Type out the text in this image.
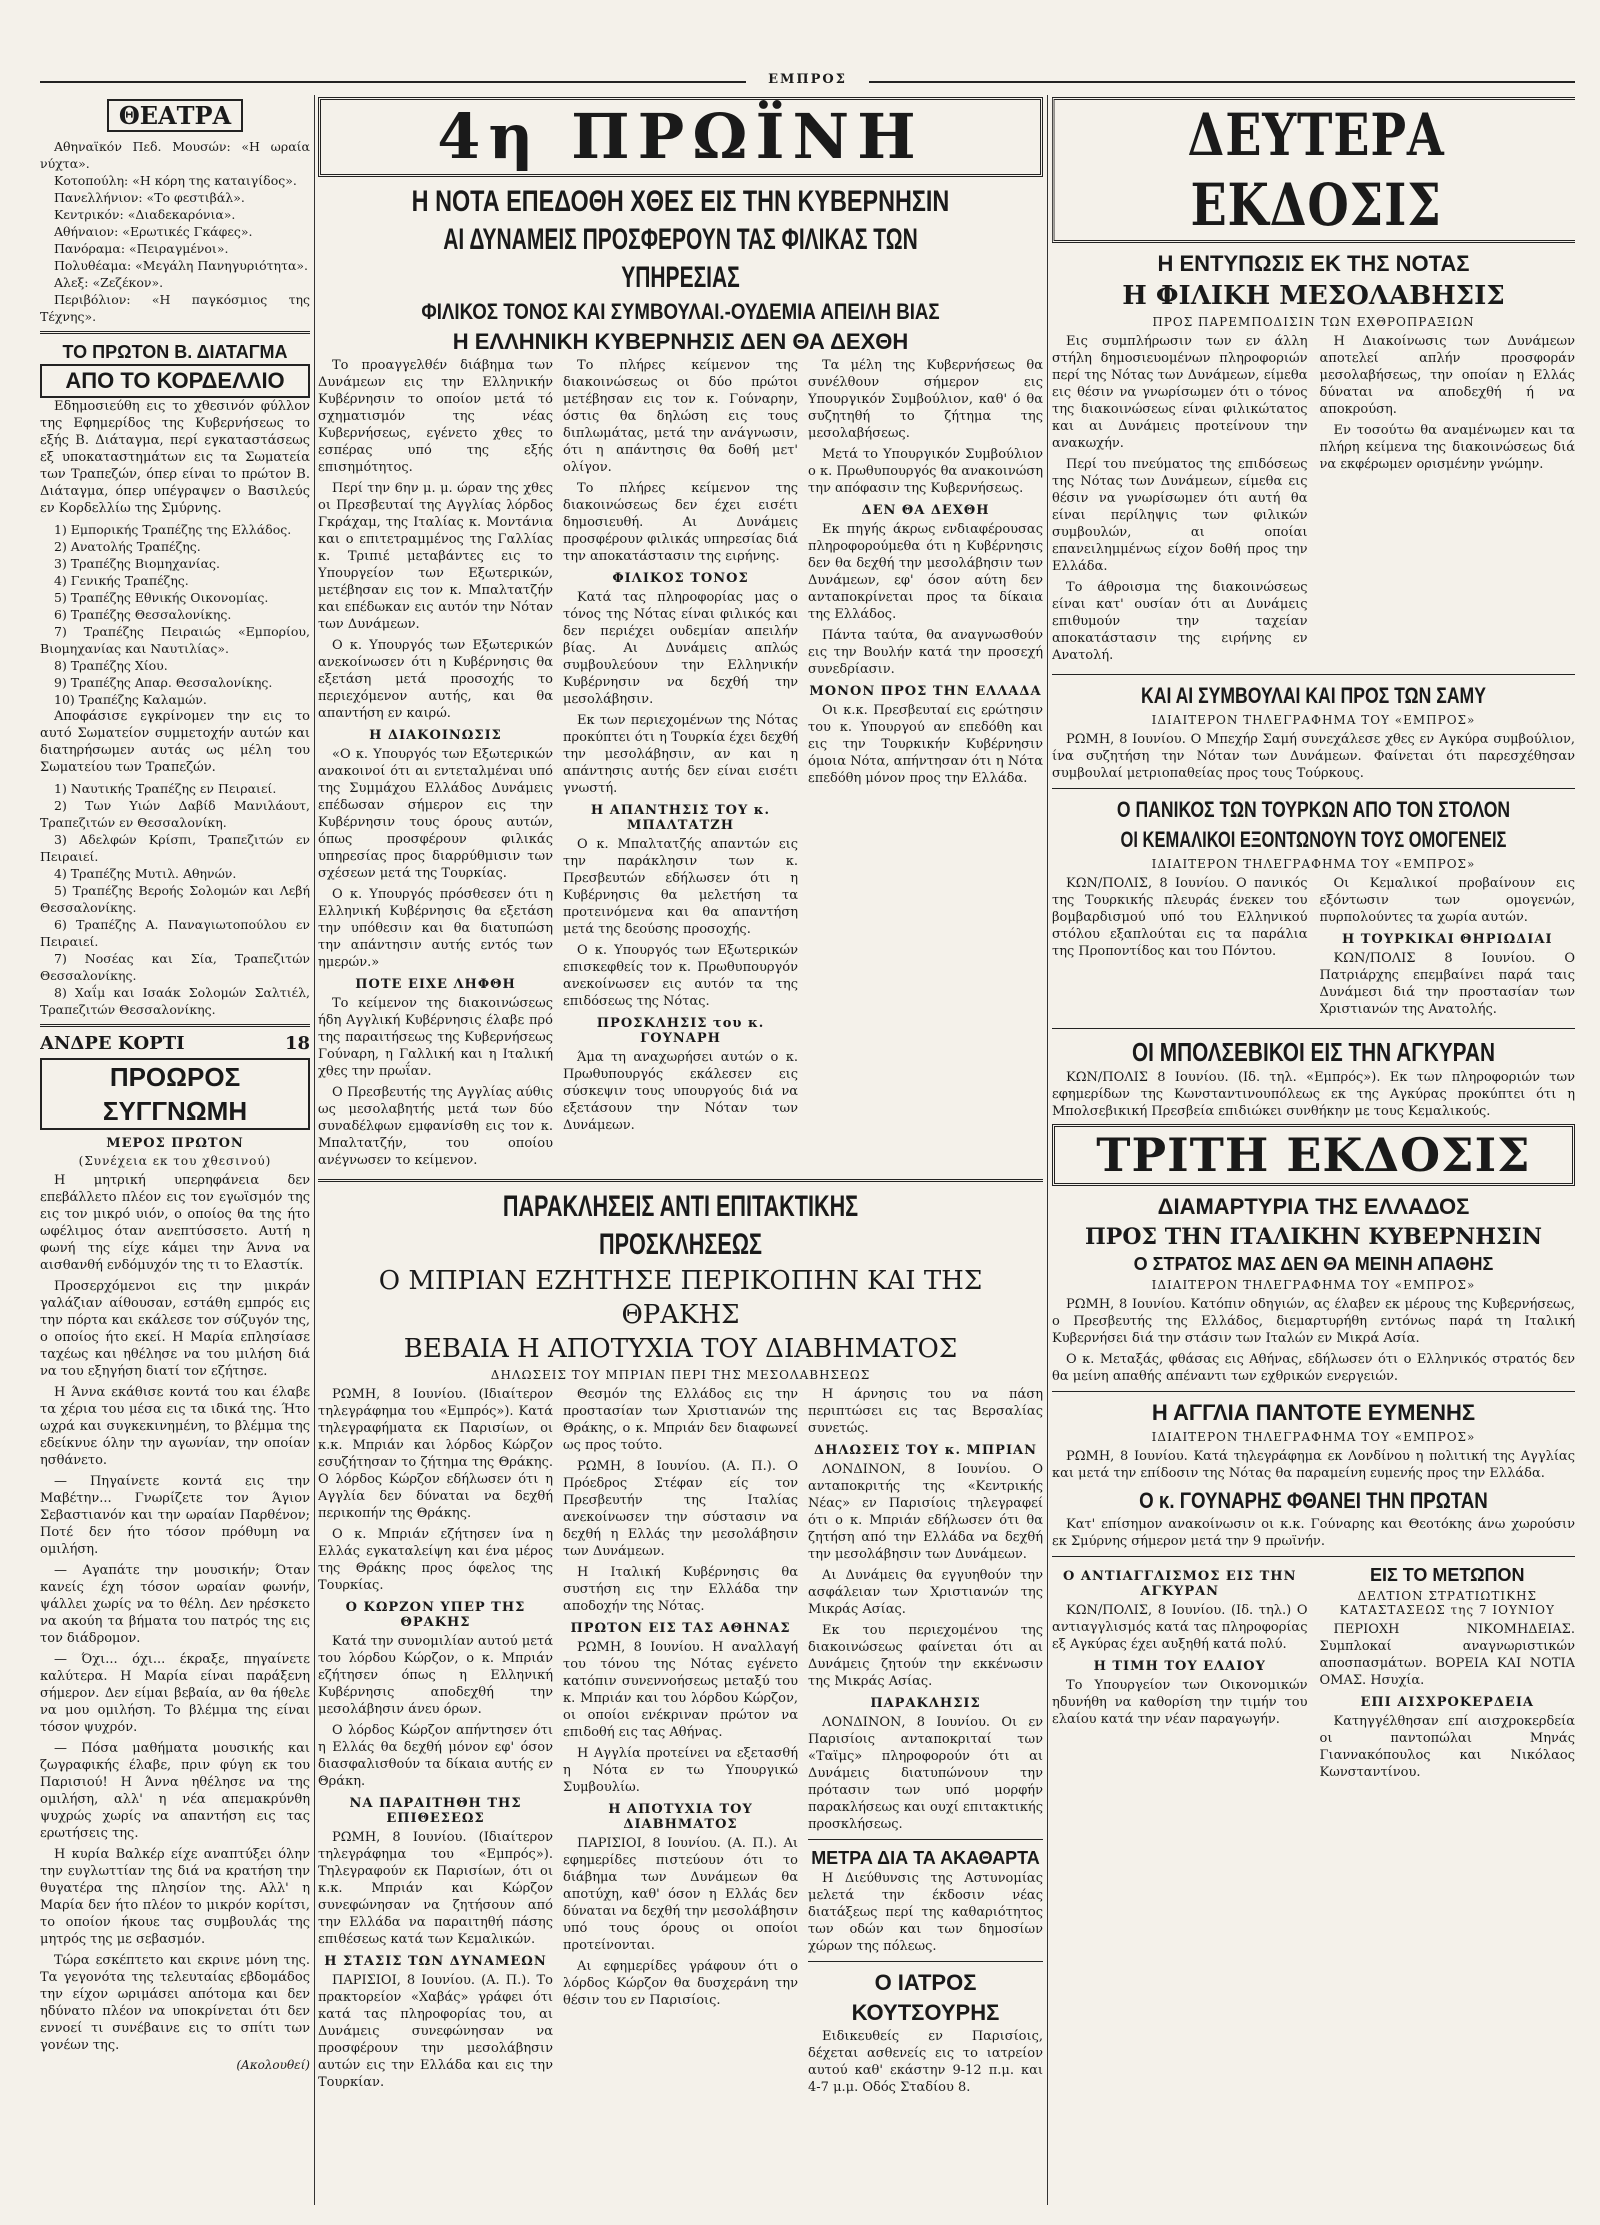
ΕΜΠΡΟΣ
ΘΕΑΤΡΑ

Αθηναϊκόν Πεδ. Μουσών: «Η ωραία νύχτα».

Κοτοπούλη: «Η κόρη της καταιγίδος».

Πανελλήνιον: «Το φεστιβάλ».

Κεντρικόν: «Διαδεκαρόνια».

Αθήναιον: «Ερωτικές Γκάφες».

Πανόραμα: «Πειραγμένοι».

Πολυθέαμα: «Μεγάλη Πανηγυριότητα».

Αλεξ: «Ζεζέκον».

Περιβόλιον: «Η παγκόσμιος της Τέχνης».

ΤΟ ΠΡΩΤΟΝ Β. ΔΙΑΤΑΓΜΑ
ΑΠΟ ΤΟ ΚΟΡΔΕΛΛΙΟ

Εδημοσιεύθη εις το χθεσινόν φύλλον της Εφημερίδος της Κυβερνήσεως το εξής Β. Διάταγμα, περί εγκαταστάσεως εξ υποκαταστημάτων εις τα Σωματεία των Τραπεζών, όπερ είναι το πρώτον Β. Διάταγμα, όπερ υπέγραψεν ο Βασιλεύς εν Κορδελλίω της Σμύρνης.

1) Εμπορικής Τραπέζης της Ελλάδος.

2) Ανατολής Τραπέζης.

3) Τραπέζης Βιομηχανίας.

4) Γενικής Τραπέζης.

5) Τραπέζης Εθνικής Οικονομίας.

6) Τραπέζης Θεσσαλονίκης.

7) Τραπέζης Πειραιώς «Εμπορίου, Βιομηχανίας και Ναυτιλίας».

8) Τραπέζης Χίου.

9) Τραπέζης Απαρ. Θεσσαλονίκης.

10) Τραπέζης Καλαμών.

Αποφάσισε εγκρίνομεν την εις το αυτό Σωματείον συμμετοχήν αυτών και διατηρήσωμεν αυτάς ως μέλη του Σωματείου των Τραπεζών.

1) Ναυτικής Τραπέζης εν Πειραιεί.

2) Των Υιών Δαβίδ Μανιλάουτ, Τραπεζιτών εν Θεσσαλονίκη.

3) Αδελφών Κρίσπι, Τραπεζιτών εν Πειραιεί.

4) Τραπέζης Μυτιλ. Αθηνών.

5) Τραπέζης Βεροής Σολομών και Λεβή Θεσσαλονίκης.

6) Τραπέζης Α. Παναγιωτοπούλου εν Πειραιεί.

7) Νοσέας και Σία, Τραπεζιτών Θεσσαλονίκης.

8) Χαΐμ και Ισαάκ Σολομών Σαλτιέλ, Τραπεζιτών Θεσσαλονίκης.

ΑΝΔΡΕ ΚΟΡΤΙ	18
ΠΡΟΩΡΟΣ ΣΥΓΓΝΩΜΗ
ΜΕΡΟΣ ΠΡΩΤΟΝ
(Συνέχεια εκ του χθεσινού)

Η μητρική υπερηφάνεια δεν επεβάλλετο πλέον εις τον εγωϊσμόν της εις τον μικρό υιόν, ο οποίος θα της ήτο ωφέλιμος όταν ανεπτύσσετο. Αυτή η φωνή της είχε κάμει την Άννα να αισθανθή ενδόμυχόν της τι το Ελαστίκ.

Προσερχόμενοι εις την μικράν γαλάζιαν αίθουσαν, εστάθη εμπρός εις την πόρτα και εκάλεσε τον σύζυγόν της, ο οποίος ήτο εκεί. Η Μαρία επλησίασε ταχέως και ηθέλησε να του μιλήση διά να του εξηγήση διατί τον εζήτησε.

Η Άννα εκάθισε κοντά του και έλαβε τα χέρια του μέσα εις τα ιδικά της. Ήτο ωχρά και συγκεκινημένη, το βλέμμα της εδείκνυε όλην την αγωνίαν, την οποίαν ησθάνετο.

— Πηγαίνετε κοντά εις την Μαβέτην... Γνωρίζετε τον Άγιον Σεβαστιανόν και την ωραίαν Παρθένον; Ποτέ δεν ήτο τόσον πρόθυμη να ομιλήση.

— Αγαπάτε την μουσικήν; Όταν κανείς έχη τόσον ωραίαν φωνήν, ψάλλει χωρίς να το θέλη. Δεν ηρέσκετο να ακούη τα βήματα του πατρός της εις τον διάδρομον.

— Όχι... όχι... έκραξε, πηγαίνετε καλύτερα. Η Μαρία είναι παράξενη σήμερον. Δεν είμαι βεβαία, αν θα ήθελε να μου ομιλήση. Το βλέμμα της είναι τόσον ψυχρόν.

— Πόσα μαθήματα μουσικής και ζωγραφικής έλαβε, πριν φύγη εκ του Παρισιού! Η Άννα ηθέλησε να της ομιλήση, αλλ' η νέα απεμακρύνθη ψυχρώς χωρίς να απαντήση εις τας ερωτήσεις της.

Η κυρία Βαλκέρ είχε αναπτύξει όλην την ευγλωττίαν της διά να κρατήση την θυγατέρα της πλησίον της. Αλλ' η Μαρία δεν ήτο πλέον το μικρόν κορίτσι, το οποίον ήκουε τας συμβουλάς της μητρός της με σεβασμόν.

Τώρα εσκέπτετο και εκρινε μόνη της. Τα γεγονότα της τελευταίας εβδομάδος την είχον ωριμάσει απότομα και δεν ηδύνατο πλέον να υποκρίνεται ότι δεν εννοεί τι συνέβαινε εις το σπίτι των γονέων της.

(Ακολουθεί)
4η ΠΡΩΪΝΗ
Η ΝΟΤΑ ΕΠΕΔΟΘΗ ΧΘΕΣ ΕΙΣ ΤΗΝ ΚΥΒΕΡΝΗΣΙΝ
ΑΙ ΔΥΝΑΜΕΙΣ ΠΡΟΣΦΕΡΟΥΝ ΤΑΣ ΦΙΛΙΚΑΣ ΤΩΝ ΥΠΗΡΕΣΙΑΣ
ΦΙΛΙΚΟΣ ΤΟΝΟΣ ΚΑΙ ΣΥΜΒΟΥΛΑΙ.-ΟΥΔΕΜΙΑ ΑΠΕΙΛΗ ΒΙΑΣ
Η ΕΛΛΗΝΙΚΗ ΚΥΒΕΡΝΗΣΙΣ ΔΕΝ ΘΑ ΔΕΧΘΗ

Το προαγγελθέν διάβημα των Δυνάμεων εις την Ελληνικήν Κυβέρνησιν το οποίον μετά τό σχηματισμόν της νέας Κυβερνήσεως, εγένετο χθες το εσπέρας υπό της εξής επισημότητος.

Περί την 6ην μ. μ. ώραν της χθες οι Πρεσβευταί της Αγγλίας λόρδος Γκράχαμ, της Ιταλίας κ. Μοντάνια και ο επιτετραμμένος της Γαλλίας κ. Τριπιέ μεταβάντες εις το Υπουργείον των Εξωτερικών, μετέβησαν εις τον κ. Μπαλτατζήν και επέδωκαν εις αυτόν την Νόταν των Δυνάμεων.

Ο κ. Υπουργός των Εξωτερικών ανεκοίνωσεν ότι η Κυβέρνησις θα εξετάση μετά προσοχής το περιεχόμενον αυτής, και θα απαντήση εν καιρώ.

Η ΔΙΑΚΟΙΝΩΣΙΣ

«Ο κ. Υπουργός των Εξωτερικών ανακοινοί ότι αι εντεταλμέναι υπό της Συμμάχου Ελλάδος Δυνάμεις επέδωσαν σήμερον εις την Κυβέρνησιν τους όρους αυτών, όπως προσφέρουν φιλικάς υπηρεσίας προς διαρρύθμισιν των σχέσεων μετά της Τουρκίας.

Ο κ. Υπουργός πρόσθεσεν ότι η Ελληνική Κυβέρνησις θα εξετάση την υπόθεσιν και θα διατυπώση την απάντησιν αυτής εντός των ημερών.»

ΠΟΤΕ ΕΙΧΕ ΛΗΦΘΗ

Το κείμενον της διακοινώσεως ήδη Αγγλική Κυβέρνησις έλαβε πρό της παραιτήσεως της Κυβερνήσεως Γούναρη, η Γαλλική και η Ιταλική χθες την πρωΐαν.

Ο Πρεσβευτής της Αγγλίας αύθις ως μεσολαβητής μετά των δύο συναδέλφων εμφανίσθη εις τον κ. Μπαλτατζήν, του οποίου ανέγνωσεν το κείμενον.

Το πλήρες κείμενον της διακοινώσεως οι δύο πρώτοι μετέβησαν εις τον κ. Γούναρην, όστις θα δηλώση εις τους διπλωμάτας, μετά την ανάγνωσιν, ότι η απάντησις θα δοθή μετ' ολίγον.

Το πλήρες κείμενον της διακοινώσεως δεν έχει εισέτι δημοσιευθή. Αι Δυνάμεις προσφέρουν φιλικάς υπηρεσίας διά την αποκατάστασιν της ειρήνης.

ΦΙΛΙΚΟΣ ΤΟΝΟΣ

Κατά τας πληροφορίας μας ο τόνος της Νότας είναι φιλικός και δεν περιέχει ουδεμίαν απειλήν βίας. Αι Δυνάμεις απλώς συμβουλεύουν την Ελληνικήν Κυβέρνησιν να δεχθή την μεσολάβησιν.

Εκ των περιεχομένων της Νότας προκύπτει ότι η Τουρκία έχει δεχθή την μεσολάβησιν, αν και η απάντησις αυτής δεν είναι εισέτι γνωστή.

Η ΑΠΑΝΤΗΣΙΣ ΤΟΥ κ. ΜΠΑΛΤΑΤΖΗ

Ο κ. Μπαλτατζής απαντών εις την παράκλησιν των κ. Πρεσβευτών εδήλωσεν ότι η Κυβέρνησις θα μελετήση τα προτεινόμενα και θα απαντήση μετά της δεούσης προσοχής.

Ο κ. Υπουργός των Εξωτερικών επισκεφθείς τον κ. Πρωθυπουργόν ανεκοίνωσεν εις αυτόν τα της επιδόσεως της Νότας.

ΠΡΟΣΚΛΗΣΙΣ του κ. ΓΟΥΝΑΡΗ

Άμα τη αναχωρήσει αυτών ο κ. Πρωθυπουργός εκάλεσεν εις σύσκεψιν τους υπουργούς διά να εξετάσουν την Νόταν των Δυνάμεων.

Τα μέλη της Κυβερνήσεως θα συνέλθουν σήμερον εις Υπουργικόν Συμβούλιον, καθ' ό θα συζητηθή το ζήτημα της μεσολαβήσεως.

Μετά το Υπουργικόν Συμβούλιον ο κ. Πρωθυπουργός θα ανακοινώση την απόφασιν της Κυβερνήσεως.

ΔΕΝ ΘΑ ΔΕΧΘΗ

Εκ πηγής άκρως ενδιαφέρουσας πληροφορούμεθα ότι η Κυβέρνησις δεν θα δεχθή την μεσολάβησιν των Δυνάμεων, εφ' όσον αύτη δεν ανταποκρίνεται προς τα δίκαια της Ελλάδος.

Πάντα ταύτα, θα αναγνωσθούν εις την Βουλήν κατά την προσεχή συνεδρίασιν.

ΜΟΝΟΝ ΠΡΟΣ ΤΗΝ ΕΛΛΑΔΑ

Οι κ.κ. Πρεσβευταί εις ερώτησιν του κ. Υπουργού αν επεδόθη και εις την Τουρκικήν Κυβέρνησιν όμοια Νότα, απήντησαν ότι η Νότα επεδόθη μόνον προς την Ελλάδα.

ΠΑΡΑΚΛΗΣΕΙΣ ΑΝΤΙ ΕΠΙΤΑΚΤΙΚΗΣ ΠΡΟΣΚΛΗΣΕΩΣ
Ο ΜΠΡΙΑΝ ΕΖΗΤΗΣΕ ΠΕΡΙΚΟΠΗΝ ΚΑΙ ΤΗΣ ΘΡΑΚΗΣ
ΒΕΒΑΙΑ Η ΑΠΟΤΥΧΙΑ ΤΟΥ ΔΙΑΒΗΜΑΤΟΣ
ΔΗΛΩΣΕΙΣ ΤΟΥ ΜΠΡΙΑΝ ΠΕΡΙ ΤΗΣ ΜΕΣΟΛΑΒΗΣΕΩΣ

ΡΩΜΗ, 8 Ιουνίου. (Ιδιαίτερον τηλεγράφημα του «Εμπρός»). Κατά τηλεγραφήματα εκ Παρισίων, οι κ.κ. Μπριάν και λόρδος Κώρζον εσυζήτησαν το ζήτημα της Θράκης. Ο λόρδος Κώρζον εδήλωσεν ότι η Αγγλία δεν δύναται να δεχθή περικοπήν της Θράκης.

Ο κ. Μπριάν εζήτησεν ίνα η Ελλάς εγκαταλείψη και ένα μέρος της Θράκης προς όφελος της Τουρκίας.

Ο ΚΩΡΖΟΝ ΥΠΕΡ ΤΗΣ ΘΡΑΚΗΣ

Κατά την συνομιλίαν αυτού μετά του λόρδου Κώρζον, ο κ. Μπριάν εζήτησεν όπως η Ελληνική Κυβέρνησις αποδεχθή την μεσολάβησιν άνευ όρων.

Ο λόρδος Κώρζον απήντησεν ότι η Ελλάς θα δεχθή μόνον εφ' όσον διασφαλισθούν τα δίκαια αυτής εν Θράκη.

ΝΑ ΠΑΡΑΙΤΗΘΗ ΤΗΣ ΕΠΙΘΕΣΕΩΣ

ΡΩΜΗ, 8 Ιουνίου. (Ιδιαίτερον τηλεγράφημα του «Εμπρός»). Τηλεγραφούν εκ Παρισίων, ότι οι κ.κ. Μπριάν και Κώρζον συνεφώνησαν να ζητήσουν από την Ελλάδα να παραιτηθή πάσης επιθέσεως κατά των Κεμαλικών.

Η ΣΤΑΣΙΣ ΤΩΝ ΔΥΝΑΜΕΩΝ

ΠΑΡΙΣΙΟΙ, 8 Ιουνίου. (Α. Π.). Το πρακτορείον «Χαβάς» γράφει ότι κατά τας πληροφορίας του, αι Δυνάμεις συνεφώνησαν να προσφέρουν την μεσολάβησιν αυτών εις την Ελλάδα και εις την Τουρκίαν.

Θεσμόν της Ελλάδος εις την προστασίαν των Χριστιανών της Θράκης, ο κ. Μπριάν δεν διαφωνεί ως προς τούτο.

ΡΩΜΗ, 8 Ιουνίου. (Α. Π.). Ο Πρόεδρος Στέφαν είς τον Πρεσβευτήν της Ιταλίας ανεκοίνωσεν την σύστασιν να δεχθή η Ελλάς την μεσολάβησιν των Δυνάμεων.

Η Ιταλική Κυβέρνησις θα συστήση εις την Ελλάδα την αποδοχήν της Νότας.

ΠΡΩΤΟΝ ΕΙΣ ΤΑΣ ΑΘΗΝΑΣ

ΡΩΜΗ, 8 Ιουνίου. Η αναλλαγή του τόνου της Νότας εγένετο κατόπιν συνεννοήσεως μεταξύ του κ. Μπριάν και του λόρδου Κώρζον, οι οποίοι ενέκριναν πρώτον να επιδοθή εις τας Αθήνας.

Η Αγγλία προτείνει να εξετασθή η Νότα εν τω Υπουργικώ Συμβουλίω.

Η ΑΠΟΤΥΧΙΑ ΤΟΥ ΔΙΑΒΗΜΑΤΟΣ

ΠΑΡΙΣΙΟΙ, 8 Ιουνίου. (Α. Π.). Αι εφημερίδες πιστεύουν ότι το διάβημα των Δυνάμεων θα αποτύχη, καθ' όσον η Ελλάς δεν δύναται να δεχθή την μεσολάβησιν υπό τους όρους οι οποίοι προτείνονται.

Αι εφημερίδες γράφουν ότι ο λόρδος Κώρζον θα δυσχεράνη την θέσιν του εν Παρισίοις.

Η άρνησις του να πάση περιπτώσει εις τας Βερσαλίας συνετώς.

ΔΗΛΩΣΕΙΣ ΤΟΥ κ. ΜΠΡΙΑΝ

ΛΟΝΔΙΝΟΝ, 8 Ιουνίου. Ο ανταποκριτής της «Κεντρικής Νέας» εν Παρισίοις τηλεγραφεί ότι ο κ. Μπριάν εδήλωσεν ότι θα ζητήση από την Ελλάδα να δεχθή την μεσολάβησιν των Δυνάμεων.

Αι Δυνάμεις θα εγγυηθούν την ασφάλειαν των Χριστιανών της Μικράς Ασίας.

Εκ του περιεχομένου της διακοινώσεως φαίνεται ότι αι Δυνάμεις ζητούν την εκκένωσιν της Μικράς Ασίας.

ΠΑΡΑΚΛΗΣΙΣ

ΛΟΝΔΙΝΟΝ, 8 Ιουνίου. Οι εν Παρισίοις ανταποκριταί των «Ταϊμς» πληροφορούν ότι αι Δυνάμεις διατυπώνουν την πρότασιν των υπό μορφήν παρακλήσεως και ουχί επιτακτικής προσκλήσεως.

ΜΕΤΡΑ ΔΙΑ ΤΑ ΑΚΑΘΑΡΤΑ

Η Διεύθυνσις της Αστυνομίας μελετά την έκδοσιν νέας διατάξεως περί της καθαριότητος των οδών και των δημοσίων χώρων της πόλεως.

Ο ΙΑΤΡΟΣ ΚΟΥΤΣΟΥΡΗΣ

Ειδικευθείς εν Παρισίοις, δέχεται ασθενείς εις το ιατρείον αυτού καθ' εκάστην 9-12 π.μ. και 4-7 μ.μ. Οδός Σταδίου 8.

ΔΕΥΤΕΡΑ ΕΚΔΟΣΙΣ
Η ΕΝΤΥΠΩΣΙΣ ΕΚ ΤΗΣ ΝΟΤΑΣ
Η ΦΙΛΙΚΗ ΜΕΣΟΛΑΒΗΣΙΣ
ΠΡΟΣ ΠΑΡΕΜΠΟΔΙΣΙΝ ΤΩΝ ΕΧΘΡΟΠΡΑΞΙΩΝ

Εις συμπλήρωσιν των εν άλλη στήλη δημοσιευομένων πληροφοριών περί της Νότας των Δυνάμεων, είμεθα εις θέσιν να γνωρίσωμεν ότι ο τόνος της διακοινώσεως είναι φιλικώτατος και αι Δυνάμεις προτείνουν την ανακωχήν.

Περί του πνεύματος της επιδόσεως της Νότας των Δυνάμεων, είμεθα εις θέσιν να γνωρίσωμεν ότι αυτή θα είναι περίληψις των φιλικών συμβουλών, αι οποίαι επανειλημμένως είχον δοθή προς την Ελλάδα.

Το άθροισμα της διακοινώσεως είναι κατ' ουσίαν ότι αι Δυνάμεις επιθυμούν την ταχείαν αποκατάστασιν της ειρήνης εν Ανατολή.

Η Διακοίνωσις των Δυνάμεων αποτελεί απλήν προσφοράν μεσολαβήσεως, την οποίαν η Ελλάς δύναται να αποδεχθή ή να αποκρούση.

Εν τοσούτω θα αναμένωμεν και τα πλήρη κείμενα της διακοινώσεως διά να εκφέρωμεν ορισμένην γνώμην.

ΚΑΙ ΑΙ ΣΥΜΒΟΥΛΑΙ ΚΑΙ ΠΡΟΣ ΤΩΝ ΣΑΜΥ
ΙΔΙΑΙΤΕΡΟΝ ΤΗΛΕΓΡΑΦΗΜΑ ΤΟΥ «ΕΜΠΡΟΣ»

ΡΩΜΗ, 8 Ιουνίου. Ο Μπεχήρ Σαμή συνεχάλεσε χθες εν Αγκύρα συμβούλιον, ίνα συζητήση την Νόταν των Δυνάμεων. Φαίνεται ότι παρεσχέθησαν συμβουλαί μετριοπαθείας προς τους Τούρκους.

Ο ΠΑΝΙΚΟΣ ΤΩΝ ΤΟΥΡΚΩΝ ΑΠΟ ΤΟΝ ΣΤΟΛΟΝ
ΟΙ ΚΕΜΑΛΙΚΟΙ ΕΞΟΝΤΩΝΟΥΝ ΤΟΥΣ ΟΜΟΓΕΝΕΙΣ
ΙΔΙΑΙΤΕΡΟΝ ΤΗΛΕΓΡΑΦΗΜΑ ΤΟΥ «ΕΜΠΡΟΣ»

ΚΩΝ/ΠΟΛΙΣ, 8 Ιουνίου. Ο πανικός της Τουρκικής πλευράς ένεκεν του βομβαρδισμού υπό του Ελληνικού στόλου εξαπλούται εις τα παράλια της Προποντίδος και του Πόντου.

Οι Κεμαλικοί προβαίνουν εις εξόντωσιν των ομογενών, πυρπολούντες τα χωρία αυτών.

Η ΤΟΥΡΚΙΚΑΙ ΘΗΡΙΩΔΙΑΙ

ΚΩΝ/ΠΟΛΙΣ 8 Ιουνίου. Ο Πατριάρχης επεμβαίνει παρά ταις Δυνάμεσι διά την προστασίαν των Χριστιανών της Ανατολής.

ΟΙ ΜΠΟΛΣΕΒΙΚΟΙ ΕΙΣ ΤΗΝ ΑΓΚΥΡΑΝ

ΚΩΝ/ΠΟΛΙΣ 8 Ιουνίου. (Ιδ. τηλ. «Εμπρός»). Εκ των πληροφοριών των εφημερίδων της Κωνσταντινουπόλεως εκ της Αγκύρας προκύπτει ότι η Μπολσεβικική Πρεσβεία επιδιώκει συνθήκην με τους Κεμαλικούς.

ΤΡΙΤΗ ΕΚΔΟΣΙΣ
ΔΙΑΜΑΡΤΥΡΙΑ ΤΗΣ ΕΛΛΑΔΟΣ
ΠΡΟΣ ΤΗΝ ΙΤΑΛΙΚΗΝ ΚΥΒΕΡΝΗΣΙΝ
Ο ΣΤΡΑΤΟΣ ΜΑΣ ΔΕΝ ΘΑ ΜΕΙΝΗ ΑΠΑΘΗΣ
ΙΔΙΑΙΤΕΡΟΝ ΤΗΛΕΓΡΑΦΗΜΑ ΤΟΥ «ΕΜΠΡΟΣ»

ΡΩΜΗ, 8 Ιουνίου. Κατόπιν οδηγιών, ας έλαβεν εκ μέρους της Κυβερνήσεως, ο Πρεσβευτής της Ελλάδος, διεμαρτυρήθη εντόνως παρά τη Ιταλική Κυβερνήσει διά την στάσιν των Ιταλών εν Μικρά Ασία.

Ο κ. Μεταξάς, φθάσας εις Αθήνας, εδήλωσεν ότι ο Ελληνικός στρατός δεν θα μείνη απαθής απέναντι των εχθρικών ενεργειών.

Η ΑΓΓΛΙΑ ΠΑΝΤΟΤΕ ΕΥΜΕΝΗΣ
ΙΔΙΑΙΤΕΡΟΝ ΤΗΛΕΓΡΑΦΗΜΑ ΤΟΥ «ΕΜΠΡΟΣ»

ΡΩΜΗ, 8 Ιουνίου. Κατά τηλεγράφημα εκ Λονδίνου η πολιτική της Αγγλίας και μετά την επίδοσιν της Νότας θα παραμείνη ευμενής προς την Ελλάδα.

Ο κ. ΓΟΥΝΑΡΗΣ ΦΘΑΝΕΙ ΤΗΝ ΠΡΩΤΑΝ

Κατ' επίσημον ανακοίνωσιν οι κ.κ. Γούναρης και Θεοτόκης άνω χωρούσιν εκ Σμύρνης σήμερον μετά την 9 πρωϊνήν.

Ο ΑΝΤΙΑΓΓΛΙΣΜΟΣ ΕΙΣ ΤΗΝ ΑΓΚΥΡΑΝ

ΚΩΝ/ΠΟΛΙΣ, 8 Ιουνίου. (Ιδ. τηλ.) Ο αντιαγγλισμός κατά τας πληροφορίας εξ Αγκύρας έχει αυξηθή κατά πολύ.

Η ΤΙΜΗ ΤΟΥ ΕΛΑΙΟΥ

Το Υπουργείον των Οικονομικών ηδυνήθη να καθορίση την τιμήν του ελαίου κατά την νέαν παραγωγήν.

ΕΙΣ ΤΟ ΜΕΤΩΠΟΝ
ΔΕΛΤΙΟΝ ΣΤΡΑΤΙΩΤΙΚΗΣ ΚΑΤΑΣΤΑΣΕΩΣ της 7 ΙΟΥΝΙΟΥ

ΠΕΡΙΟΧΗ ΝΙΚΟΜΗΔΕΙΑΣ. Συμπλοκαί αναγνωριστικών αποσπασμάτων. ΒΟΡΕΙΑ ΚΑΙ ΝΟΤΙΑ ΟΜΑΣ. Ησυχία.

ΕΠΙ ΑΙΣΧΡΟΚΕΡΔΕΙΑ

Κατηγγέλθησαν επί αισχροκερδεία οι παντοπώλαι Μηνάς Γιαννακόπουλος και Νικόλαος Κωνσταντίνου.
